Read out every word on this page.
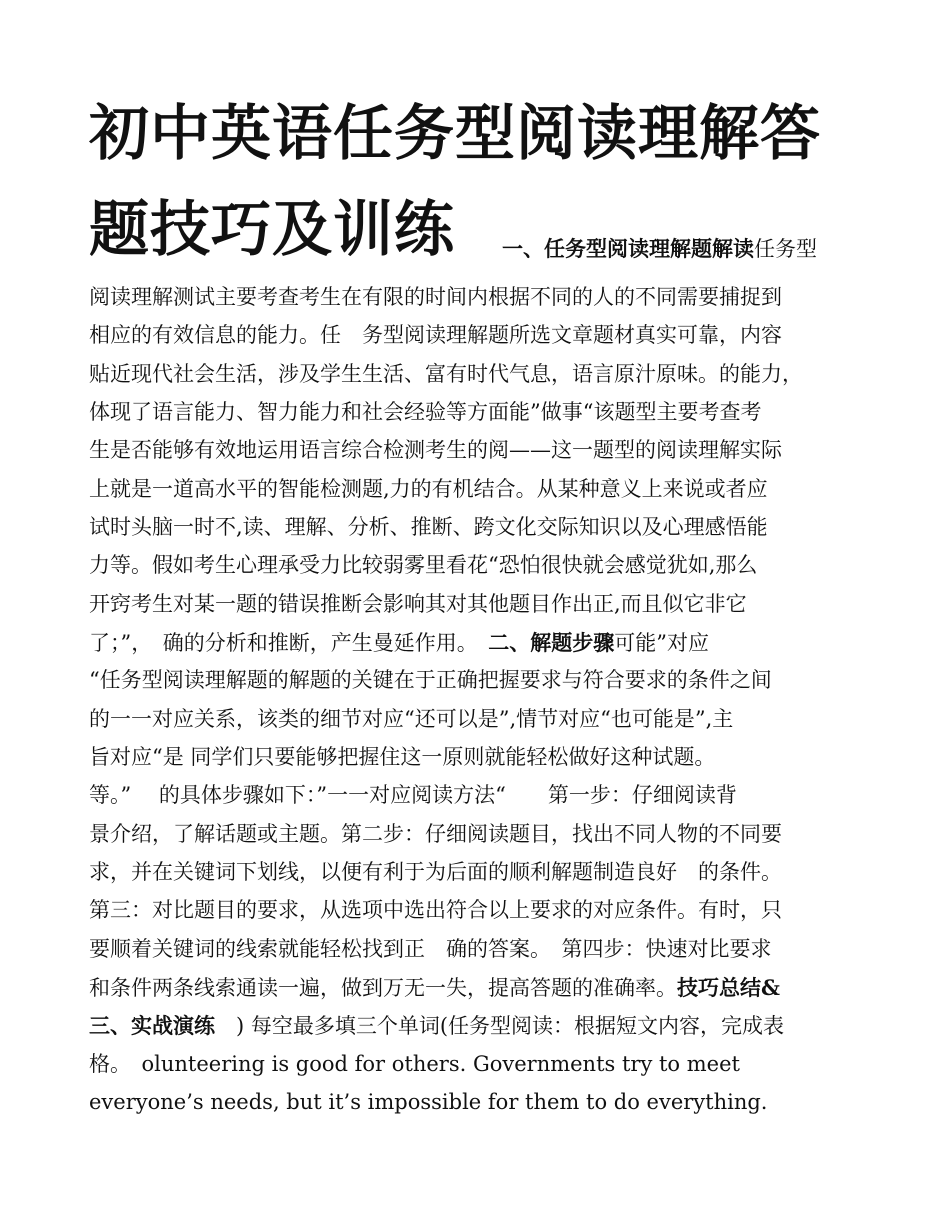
初中英语任务型阅读理解答
题技巧及训练 一、任务型阅读理解题解读任务型
阅读理解测试主要考查考生在有限的时间内根据不同的人的不同需要捕捉到
相应的有效信息的能力。任　务型阅读理解题所选文章题材真实可靠，内容
贴近现代社会生活，涉及学生生活、富有时代气息，语言原汁原味。的能力，
体现了语言能力、智力能力和社会经验等方面能”做事“该题型主要考查考
生是否能够有效地运用语言综合检测考生的阅——这一题型的阅读理解实际
上就是一道高水平的智能检测题,力的有机结合。从某种意义上来说或者应
试时头脑一时不,读、理解、分析、推断、跨文化交际知识以及心理感悟能
力等。假如考生心理承受力比较弱雾里看花“恐怕很快就会感觉犹如,那么
开窍考生对某一题的错误推断会影响其对其他题目作出正,而且似它非它
了；”，　确的分析和推断，产生曼延作用。　二、解题步骤可能”对应
“任务型阅读理解题的解题的关键在于正确把握要求与符合要求的条件之间
的一一对应关系，该类的细节对应“还可以是”,情节对应“也可能是”,主
旨对应“是 同学们只要能够把握住这一原则就能轻松做好这种试题。
等。”　 的具体步骤如下：”一一对应阅读方法“　　第一步：仔细阅读背
景介绍，了解话题或主题。第二步：仔细阅读题目，找出不同人物的不同要
求，并在关键词下划线，以便有利于为后面的顺利解题制造良好　的条件。
第三：对比题目的要求，从选项中选出符合以上要求的对应条件。有时，只
要顺着关键词的线索就能轻松找到正　确的答案。　第四步：快速对比要求
和条件两条线索通读一遍，做到万无一失，提高答题的准确率。技巧总结&
三、实战演练　) 每空最多填三个单词(任务型阅读：根据短文内容，完成表
格。　olunteering is good for others. Governments try to meet
everyone’s needs, but it’s impossible for them to do everything.
